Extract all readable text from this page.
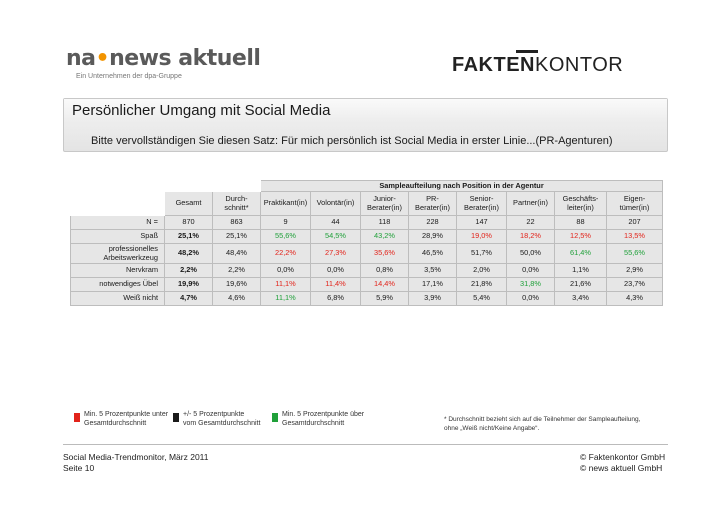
na•news aktuell
Ein Unternehmen der dpa-Gruppe
FAKTENKONTOR
Persönlicher Umgang mit Social Media
Bitte vervollständigen Sie diesen Satz: Für mich persönlich ist Social Media in erster Linie...(PR-Agenturen)
			Sampleaufteilung nach Position in der Agentur							
	Gesamt	Durch-
schnitt*	Praktikant(in)	Volontär(in)	Junior-
Berater(in)	PR-
Berater(in)	Senior-
Berater(in)	Partner(in)	Geschäfts-
leiter(in)	Eigen-
tümer(in)
N =	870	863	9	44	118	228	147	22	88	207
Spaß	25,1%	25,1%	55,6%	54,5%	43,2%	28,9%	19,0%	18,2%	12,5%	13,5%
professionelles
Arbeitswerkzeug	48,2%	48,4%	22,2%	27,3%	35,6%	46,5%	51,7%	50,0%	61,4%	55,6%
Nervkram	2,2%	2,2%	0,0%	0,0%	0,8%	3,5%	2,0%	0,0%	1,1%	2,9%
notwendiges Übel	19,9%	19,6%	11,1%	11,4%	14,4%	17,1%	21,8%	31,8%	21,6%	23,7%
Weiß nicht	4,7%	4,6%	11,1%	6,8%	5,9%	3,9%	5,4%	0,0%	3,4%	4,3%
Min. 5 Prozentpunkte unter
Gesamtdurchschnitt
+/- 5 Prozentpunkte
vom Gesamtdurchschnitt
Min. 5 Prozentpunkte über
Gesamtdurchschnitt
* Durchschnitt bezieht sich auf die Teilnehmer der Sampleaufteilung,
ohne „Weiß nicht/Keine Angabe“.
Social Media-Trendmonitor, März 2011
Seite 10
© Faktenkontor GmbH
© news aktuell GmbH
